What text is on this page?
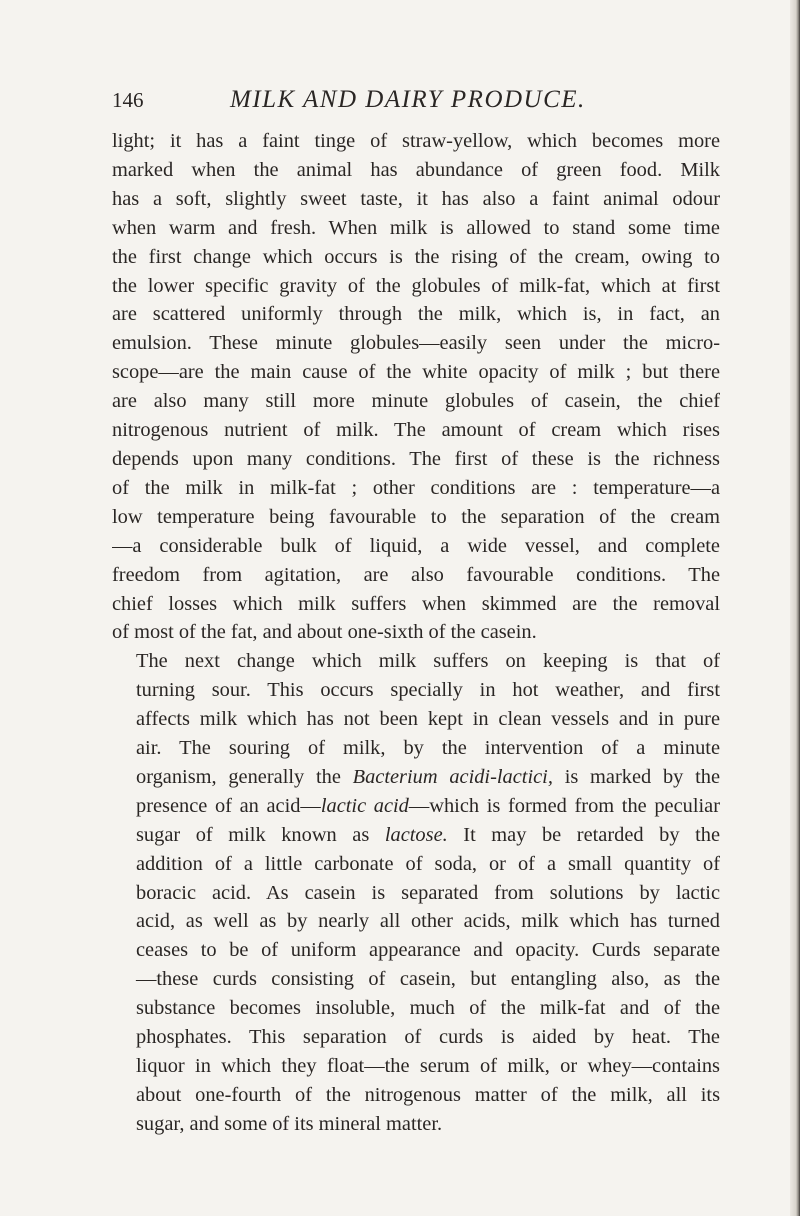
146	MILK AND DAIRY PRODUCE.

light; it has a faint tinge of straw-yellow, which becomes more
marked when the animal has abundance of green food. Milk
has a soft, slightly sweet taste, it has also a faint animal odour
when warm and fresh. When milk is allowed to stand some time
the first change which occurs is the rising of the cream, owing to
the lower specific gravity of the globules of milk-fat, which at first
are scattered uniformly through the milk, which is, in fact, an
emulsion. These minute globules—easily seen under the micro-
scope—are the main cause of the white opacity of milk ; but there
are also many still more minute globules of casein, the chief
nitrogenous nutrient of milk. The amount of cream which rises
depends upon many conditions. The first of these is the richness
of the milk in milk-fat ; other conditions are : temperature—a
low temperature being favourable to the separation of the cream
—a considerable bulk of liquid, a wide vessel, and complete
freedom from agitation, are also favourable conditions. The
chief losses which milk suffers when skimmed are the removal
of most of the fat, and about one-sixth of the casein.

The next change which milk suffers on keeping is that of
turning sour. This occurs specially in hot weather, and first
affects milk which has not been kept in clean vessels and in pure
air. The souring of milk, by the intervention of a minute
organism, generally the Bacterium acidi-lactici, is marked by the
presence of an acid—lactic acid—which is formed from the peculiar
sugar of milk known as lactose. It may be retarded by the
addition of a little carbonate of soda, or of a small quantity of
boracic acid. As casein is separated from solutions by lactic
acid, as well as by nearly all other acids, milk which has turned
ceases to be of uniform appearance and opacity. Curds separate
—these curds consisting of casein, but entangling also, as the
substance becomes insoluble, much of the milk-fat and of the
phosphates. This separation of curds is aided by heat. The
liquor in which they float—the serum of milk, or whey—contains
about one-fourth of the nitrogenous matter of the milk, all its
sugar, and some of its mineral matter.
